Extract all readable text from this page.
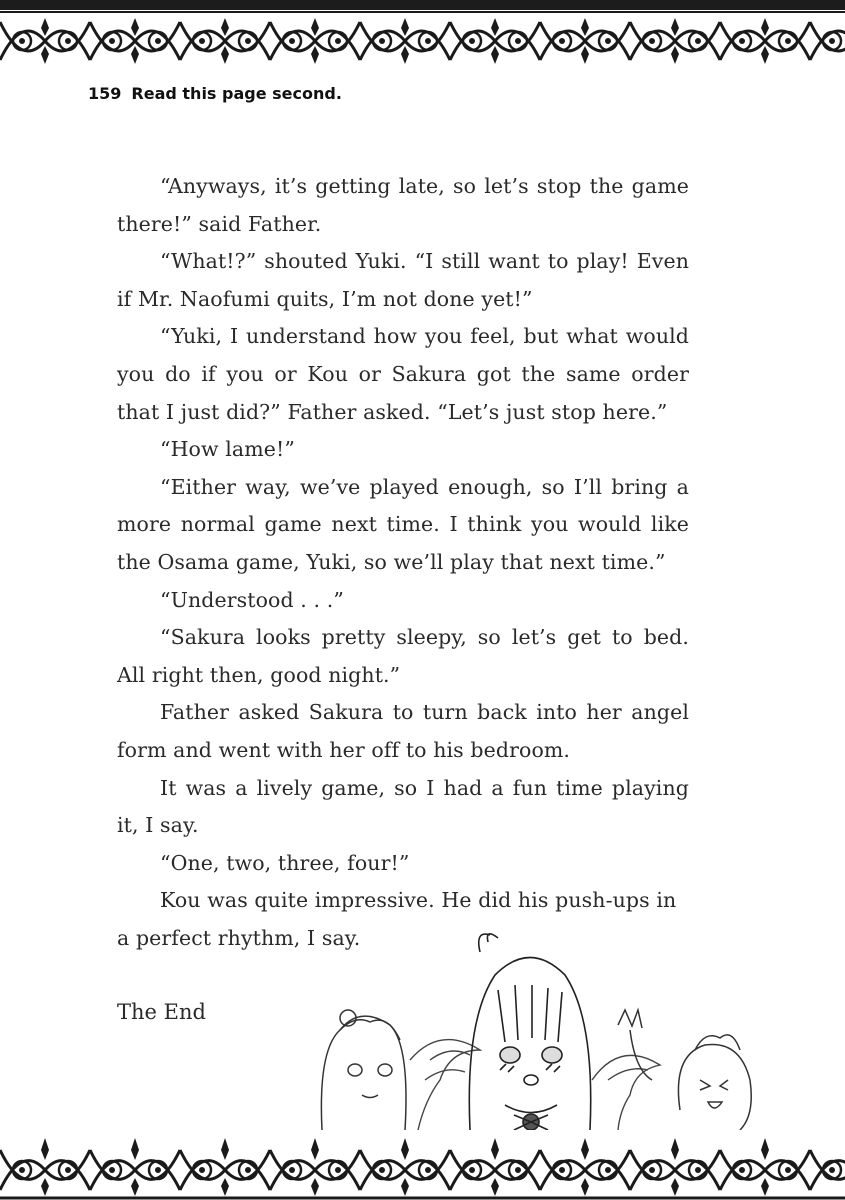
159 Read this page second.

“Anyways, it’s getting late, so let’s stop the game there!” said Father.

“What!?” shouted Yuki. “I still want to play! Even if Mr. Naofumi quits, I’m not done yet!”

“Yuki, I understand how you feel, but what would you do if you or Kou or Sakura got the same order that I just did?” Father asked. “Let’s just stop here.”

“How lame!”

“Either way, we’ve played enough, so I’ll bring a more normal game next time. I think you would like the Osama game, Yuki, so we’ll play that next time.”

“Understood . . .”

“Sakura looks pretty sleepy, so let’s get to bed. All right then, good night.”

Father asked Sakura to turn back into her angel form and went with her off to his bedroom.

It was a lively game, so I had a fun time playing it, I say.

“One, two, three, four!”

Kou was quite impressive. He did his push-ups in a perfect rhythm, I say.

The End
